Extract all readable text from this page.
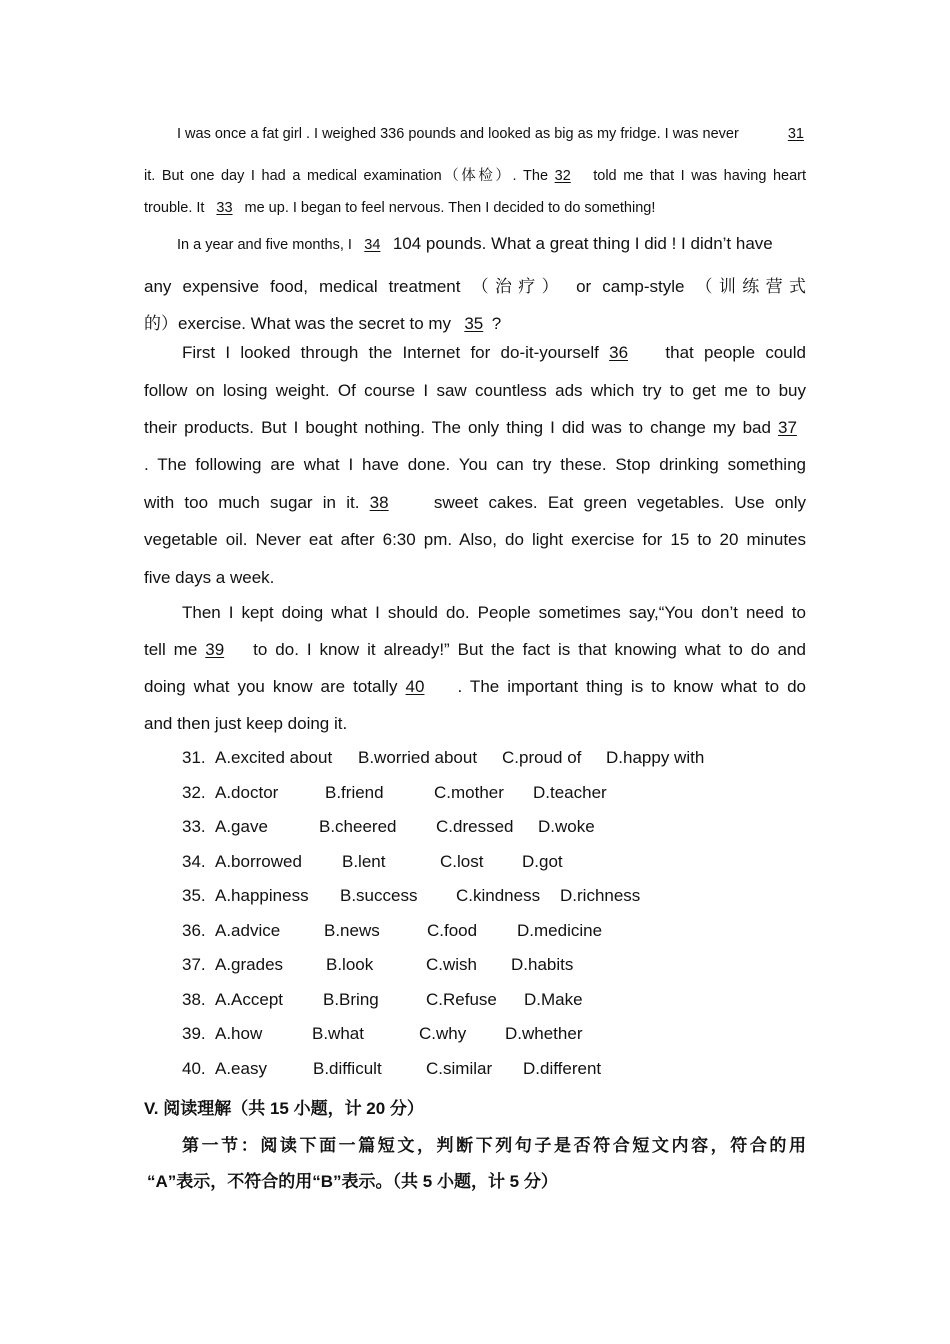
I was once a fat girl . I weighed 336 pounds and looked as big as my fridge. I was never	31
it. But one day I had a medical examination（体检）. The 32 told me that I was having heart
trouble. It 33 me up. I began to feel nervous. Then I decided to do something!
In a year and five months, I 34 104 pounds. What a great thing I did ! I didn’t have
any expensive food, medical treatment （治疗） or camp-style （训练营式
的）exercise. What was the secret to my 35 ?
First I looked through the Internet for do-it-yourself 36 that people could
follow on losing weight. Of course I saw countless ads which try to get me to buy
their products. But I bought nothing. The only thing I did was to change my bad 37
. The following are what I have done. You can try these. Stop drinking something
with too much sugar in it. 38	sweet cakes. Eat green vegetables. Use only
vegetable oil. Never eat after 6:30 pm. Also, do light exercise for 15 to 20 minutes
five days a week.
Then I kept doing what I should do. People sometimes say,“You don’t need to
tell me 39 to do. I know it already!” But the fact is that knowing what to do and
doing what you know are totally 40 . The important thing is to know what to do
and then just keep doing it.
31. A.excited about B.worried about C.proud of D.happy with
32. A.doctor	B.friend	C.mother D.teacher
33. A.gave	B.cheered C.dressed D.woke
34. A.borrowed B.lent	C.lost D.got
35. A.happiness B.success C.kindness D.richness
36. A.advice	B.news	C.food D.medicine
37. A.grades	B.look	C.wish D.habits
38. A.Accept B.Bring	C.Refuse D.Make
39. A.how	B.what	C.why D.whether
40. A.easy	B.difficult	C.similar D.different
V. 阅读理解（共 15 小题，计 20 分）
第一节：阅读下面一篇短文，判断下列句子是否符合短文内容，符合的用
“A”表示，不符合的用“B”表示。（共 5 小题，计 5 分）
